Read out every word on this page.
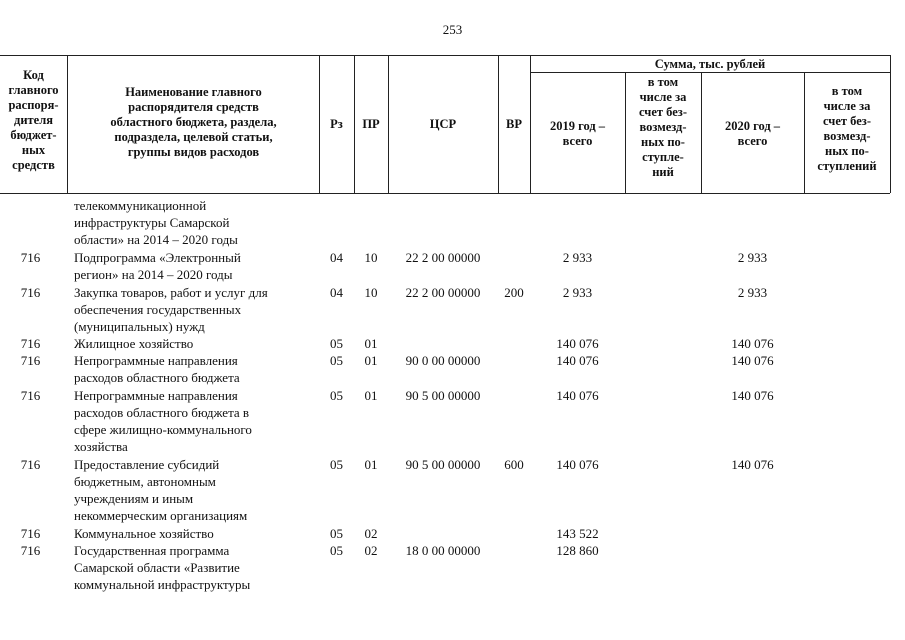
253
Код
главного
распоря-
дителя
бюджет-
ных
средств
Наименование главного
распорядителя средств
областного бюджета, раздела,
подраздела, целевой статьи,
группы видов расходов
Рз	ПР	ЦСР	ВР
Сумма, тыс. рублей
2019 год –
всего
в том
числе за
счет без-
возмезд-
ных по-
ступле-
ний
2020 год –
всего
в том
числе за
счет без-
возмезд-
ных по-
ступлений
телекоммуникационной
инфраструктуры Самарской
области» на 2014 – 2020 годы
716	Подпрограмма «Электронный
регион» на 2014 – 2020 годы
04	10	22 2 00 00000	2 933	2 933
716	Закупка товаров, работ и услуг для
обеспечения государственных
(муниципальных) нужд
04	10	22 2 00 00000	200	2 933	2 933
716	Жилищное хозяйство	05	01	140 076	140 076
716	Непрограммные направления
расходов областного бюджета
05	01	90 0 00 00000	140 076	140 076
716	Непрограммные направления
расходов областного бюджета в
сфере жилищно-коммунального
хозяйства
05	01	90 5 00 00000	140 076	140 076
716	Предоставление субсидий
бюджетным, автономным
учреждениям и иным
некоммерческим организациям
05	01	90 5 00 00000	600	140 076	140 076
716	Коммунальное хозяйство	05	02	143 522
716	Государственная программа
Самарской области «Развитие
коммунальной инфраструктуры
05	02	18 0 00 00000	128 860
